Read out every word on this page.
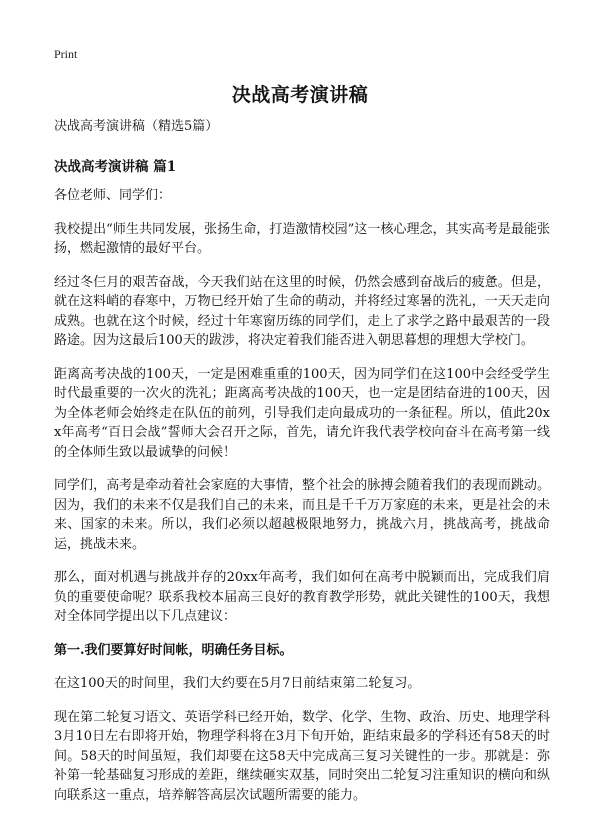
Print
决战高考演讲稿

决战高考演讲稿（精选5篇）

决战高考演讲稿 篇1

各位老师、同学们：

我校提出“师生共同发展，张扬生命，打造激情校园”这一核心理念，其实高考是最能张扬，燃起激情的最好平台。

经过冬仨月的艰苦奋战，今天我们站在这里的时候，仍然会感到奋战后的疲惫。但是，就在这料峭的春寒中，万物已经开始了生命的萌动，并将经过寒暑的洗礼，一天天走向成熟。也就在这个时候，经过十年寒窗历练的同学们，走上了求学之路中最艰苦的一段路途。因为这最后100天的跋涉，将决定着我们能否进入朝思暮想的理想大学校门。

距离高考决战的100天，一定是困难重重的100天，因为同学们在这100中会经受学生时代最重要的一次火的洗礼；距离高考决战的100天，也一定是团结奋进的100天，因为全体老师会始终走在队伍的前列，引导我们走向最成功的一条征程。所以，值此20xx年高考“百日会战”誓师大会召开之际，首先，请允许我代表学校向奋斗在高考第一线的全体师生致以最诚挚的问候！

同学们，高考是牵动着社会家庭的大事情，整个社会的脉搏会随着我们的表现而跳动。因为，我们的未来不仅是我们自己的未来，而且是千千万万家庭的未来，更是社会的未来、国家的未来。所以，我们必须以超越极限地努力，挑战六月，挑战高考，挑战命运，挑战未来。

那么，面对机遇与挑战并存的20xx年高考，我们如何在高考中脱颖而出，完成我们肩负的重要使命呢？联系我校本届高三良好的教育教学形势，就此关键性的100天，我想对全体同学提出以下几点建议：

第一.我们要算好时间帐，明确任务目标。

在这100天的时间里，我们大约要在5月7日前结束第二轮复习。

现在第二轮复习语文、英语学科已经开始，数学、化学、生物、政治、历史、地理学科3月10日左右即将开始，物理学科将在3月下旬开始，距结束最多的学科还有58天的时间。58天的时间虽短，我们却要在这58天中完成高三复习关键性的一步。那就是：弥补第一轮基础复习形成的差距，继续砸实双基，同时突出二轮复习注重知识的横向和纵向联系这一重点，培养解答高层次试题所需要的能力。
